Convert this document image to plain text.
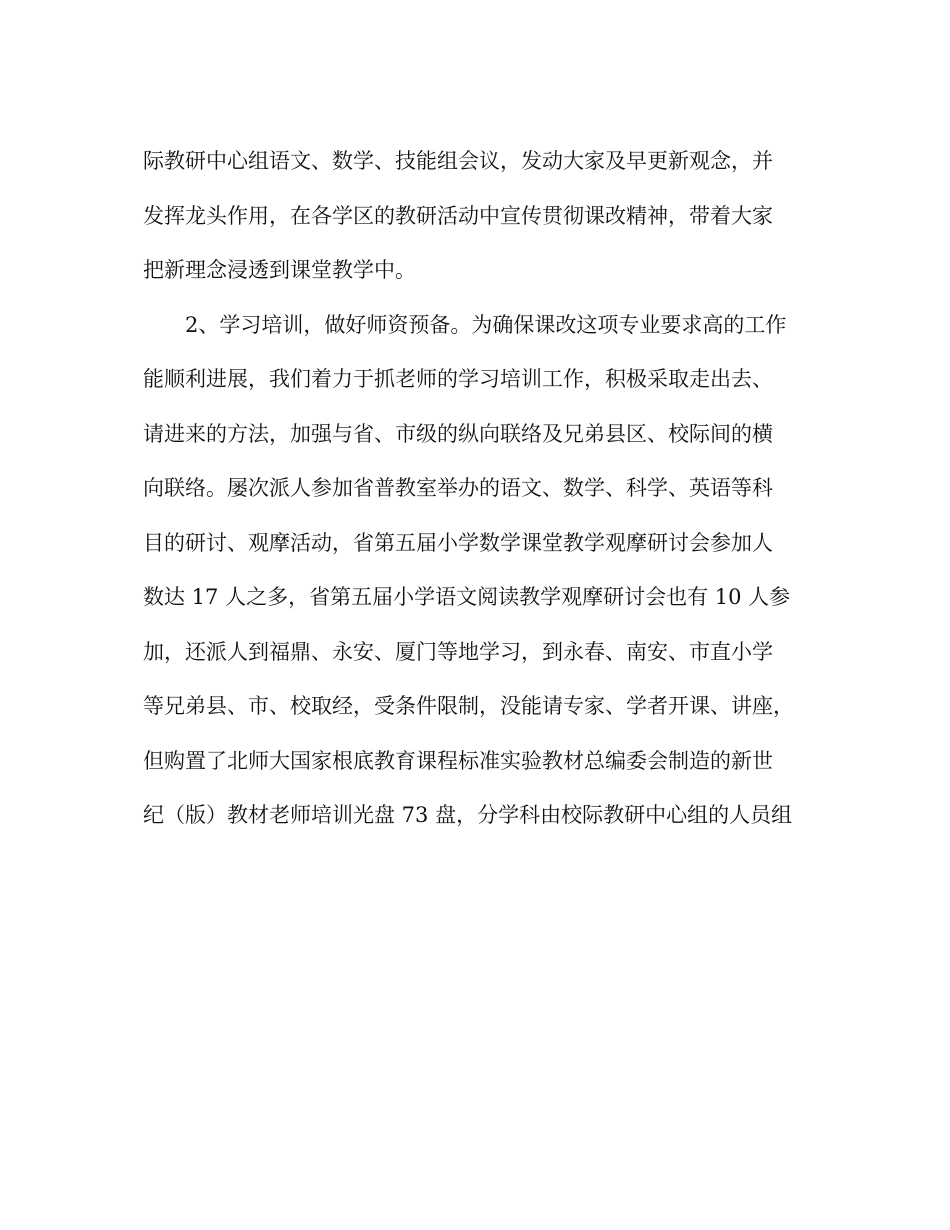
际教研中心组语文、数学、技能组会议，发动大家及早更新观念，并
发挥龙头作用，在各学区的教研活动中宣传贯彻课改精神，带着大家
把新理念浸透到课堂教学中。
2、学习培训，做好师资预备。为确保课改这项专业要求高的工作
能顺利进展，我们着力于抓老师的学习培训工作，积极采取走出去、
请进来的方法，加强与省、市级的纵向联络及兄弟县区、校际间的横
向联络。屡次派人参加省普教室举办的语文、数学、科学、英语等科
目的研讨、观摩活动，省第五届小学数学课堂教学观摩研讨会参加人
数达 17 人之多，省第五届小学语文阅读教学观摩研讨会也有 10 人参
加，还派人到福鼎、永安、厦门等地学习，到永春、南安、市直小学
等兄弟县、市、校取经，受条件限制，没能请专家、学者开课、讲座，
但购置了北师大国家根底教育课程标准实验教材总编委会制造的新世
纪（版）教材老师培训光盘 73 盘，分学科由校际教研中心组的人员组
